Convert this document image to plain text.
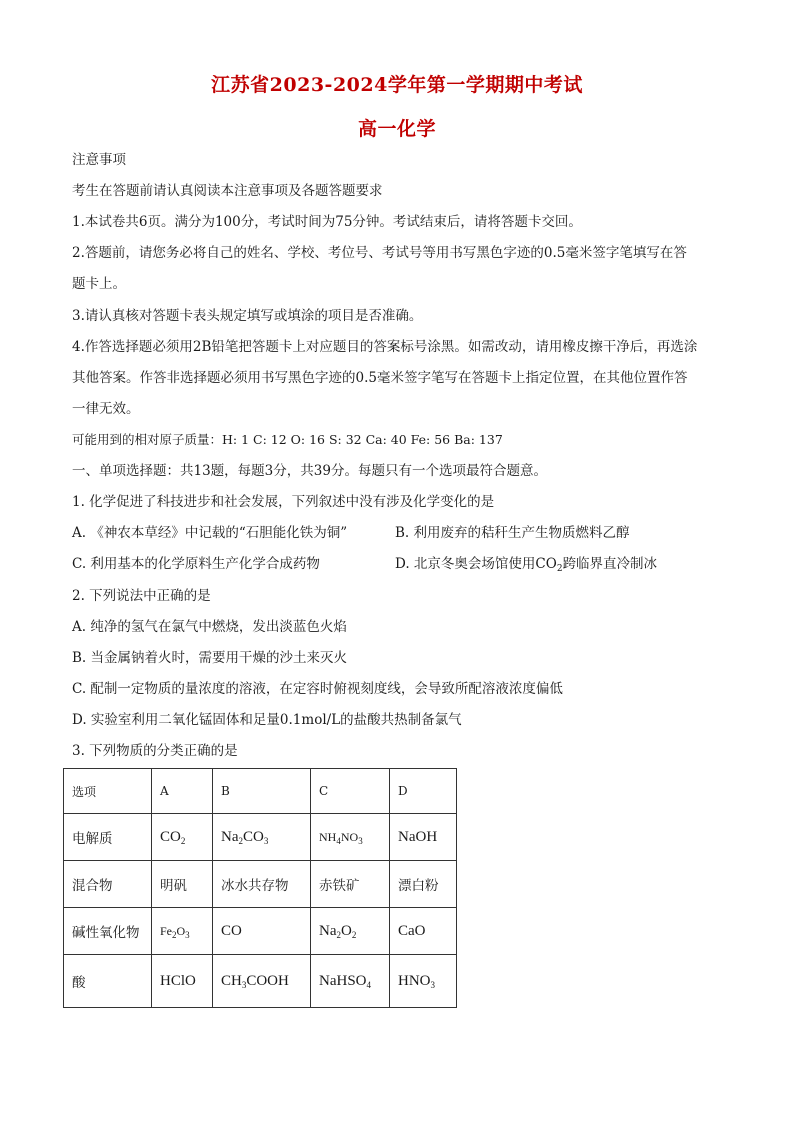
江苏省2023-2024学年第一学期期中考试
高一化学
注意事项
考生在答题前请认真阅读本注意事项及各题答题要求
1.本试卷共6页。满分为100分，考试时间为75分钟。考试结束后，请将答题卡交回。
2.答题前，请您务必将自己的姓名、学校、考位号、考试号等用书写黑色字迹的0.5毫米签字笔填写在答
题卡上。
3.请认真核对答题卡表头规定填写或填涂的项目是否准确。
4.作答选择题必须用2B铅笔把答题卡上对应题目的答案标号涂黑。如需改动，请用橡皮擦干净后，再选涂
其他答案。作答非选择题必须用书写黑色字迹的0.5毫米签字笔写在答题卡上指定位置，在其他位置作答
一律无效。
可能用到的相对原子质量：H: 1 C: 12 O: 16 S: 32 Ca: 40 Fe: 56 Ba: 137
一、单项选择题：共13题，每题3分，共39分。每题只有一个选项最符合题意。
1. 化学促进了科技进步和社会发展，下列叙述中没有涉及化学变化的是
A. 《神农本草经》中记载的“石胆能化铁为铜”	B. 利用废弃的秸秆生产生物质燃料乙醇
C. 利用基本的化学原料生产化学合成药物	D. 北京冬奥会场馆使用$CO_2$跨临界直冷制冰
2. 下列说法中正确的是
A. 纯净的氢气在氯气中燃烧，发出淡蓝色火焰
B. 当金属钠着火时，需要用干燥的沙土来灭火
C. 配制一定物质的量浓度的溶液，在定容时俯视刻度线，会导致所配溶液浓度偏低
D. 实验室利用二氧化锰固体和足量0.1mol/L的盐酸共热制备氯气
3. 下列物质的分类正确的是
选项	A	B	C	D
电解质	$CO_2$	$Na_2CO_3$	$NH_4NO_3$	NaOH
混合物	明矾	冰水共存物	赤铁矿	漂白粉
碱性氧化物	$Fe_2O_3$	CO	$Na_2O_2$	CaO
酸	HClO	$CH_3COOH$	NaHSO$_4$	$HNO_3$
